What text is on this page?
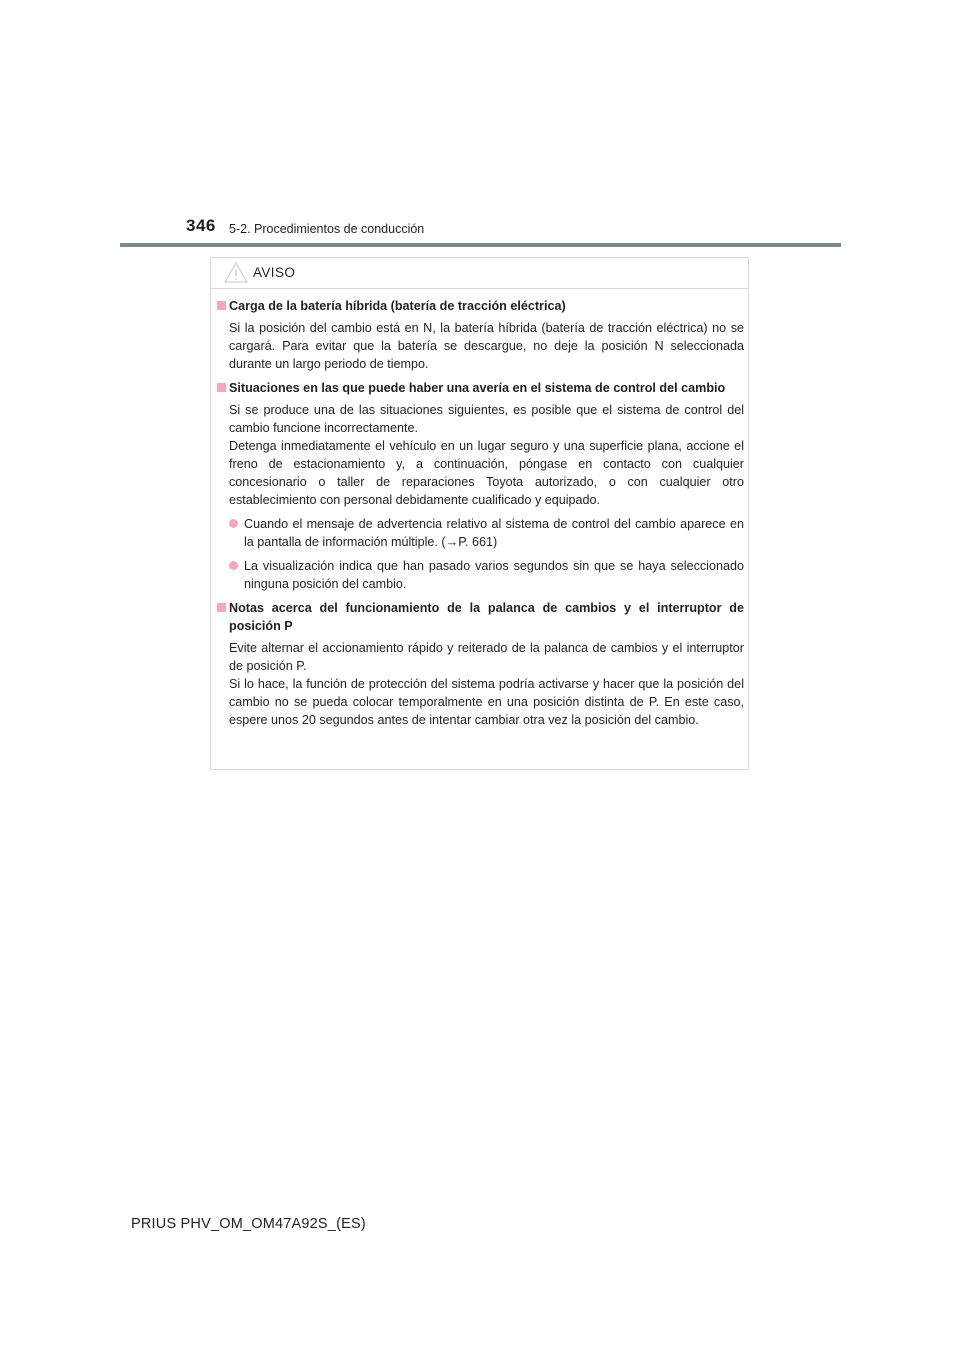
346 5-2. Procedimientos de conducción
AVISO
Carga de la batería híbrida (batería de tracción eléctrica)
Si la posición del cambio está en N, la batería híbrida (batería de tracción eléctrica) no se cargará. Para evitar que la batería se descargue, no deje la posición N seleccionada durante un largo periodo de tiempo.
Situaciones en las que puede haber una avería en el sistema de control del cambio
Si se produce una de las situaciones siguientes, es posible que el sistema de control del cambio funcione incorrectamente.
Detenga inmediatamente el vehículo en un lugar seguro y una superficie plana, accione el freno de estacionamiento y, a continuación, póngase en contacto con cualquier concesionario o taller de reparaciones Toyota autorizado, o con cualquier otro establecimiento con personal debidamente cualificado y equipado.
Cuando el mensaje de advertencia relativo al sistema de control del cambio aparece en la pantalla de información múltiple. (→P. 661)
La visualización indica que han pasado varios segundos sin que se haya seleccionado ninguna posición del cambio.
Notas acerca del funcionamiento de la palanca de cambios y el interruptor de posición P
Evite alternar el accionamiento rápido y reiterado de la palanca de cambios y el interruptor de posición P.
Si lo hace, la función de protección del sistema podría activarse y hacer que la posición del cambio no se pueda colocar temporalmente en una posición distinta de P. En este caso, espere unos 20 segundos antes de intentar cambiar otra vez la posición del cambio.
PRIUS PHV_OM_OM47A92S_(ES)
